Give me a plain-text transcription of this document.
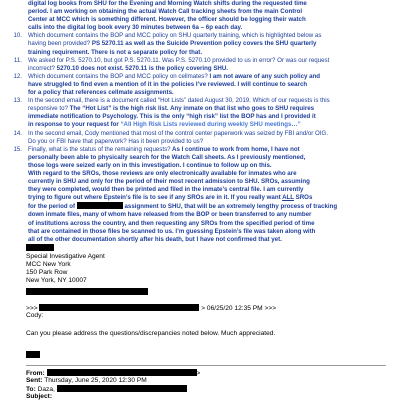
digital log books from SHU for the Evening and Morning Watch shifts during the requested time
period. I am working on obtaining the actual Watch Call tracking sheets from the main Control
Center at MCC which is something different. However, the officer should be logging their watch
calls into the digital log book every 30 minutes between 6a – 6p each day.
10. Which document contains the BOP and MCC policy on SHU quarterly training, which is highlighted below as
having been provided? PS 5270.11 as well as the Suicide Prevention policy covers the SHU quarterly
training requirement. There is not a separate policy for that.
11. We asked for P.S. 5270.10, but got P.S. 5270.11. Was P.S. 5270.10 provided to us in error? Or was our request
incorrect? 5270.10 does not exist. 5270.11 is the policy covering SHU.
12. Which document contains the BOP and MCC policy on cellmates? I am not aware of any such policy and
have struggled to find even a mention of it in the policies I’ve reviewed. I will continue to search
for a policy that references cellmate assignments.
13. In the second email, there is a document called “Hot Lists” dated August 30, 2019. Which of our requests is this
responsive to? The “Hot List” is the high risk list. Any inmate on that list who goes to SHU requires
immediate notification to Psychology. This is the only “high risk” list the BOP has and I provided it
in response to your request for “All High Risk Lists reviewed during weekly SHU meetings…”
14. In the second email, Cody mentioned that most of the control center paperwork was seized by FBI and/or OIG.
Do you or FBI have that paperwork? Has it been provided to us?
15. Finally, what is the status of the remaining requests? As I continue to work from home, I have not
personally been able to physically search for the Watch Call sheets. As I previously mentioned,
those logs were seized early on in this investigation. I continue to follow up on this.
With regard to the SROs, those reviews are only electronically available for inmates who are
currently in SHU and only for the period of their most recent admission to SHU. SROs, assuming
they were completed, would then be printed and filed in the inmate’s central file. I am currently
trying to figure out where Epstein’s file is to see if any SROs are in it. If you really want ALL SROs
for the period of	assignment to SHU, that will be an extremely lengthy process of tracking
down inmate files, many of whom have released from the BOP or been transferred to any number
of institutions across the country, and then requesting any SROs from the specified period of time
that are contained in those files be scanned to us. I’m guessing Epstein’s file was taken along with
all of the other documentation shortly after his death, but I have not confirmed that yet.
Special Investigative Agent
MCC New York
150 Park Row
New York, NY 10007
>>>	> 06/25/20 12:35 PM >>>
Cody:
Can you please address the questions/discrepancies noted below. Much appreciated.
From:	>
Sent: Thursday, June 25, 2020 12:30 PM
To: Daza,
Subject:
